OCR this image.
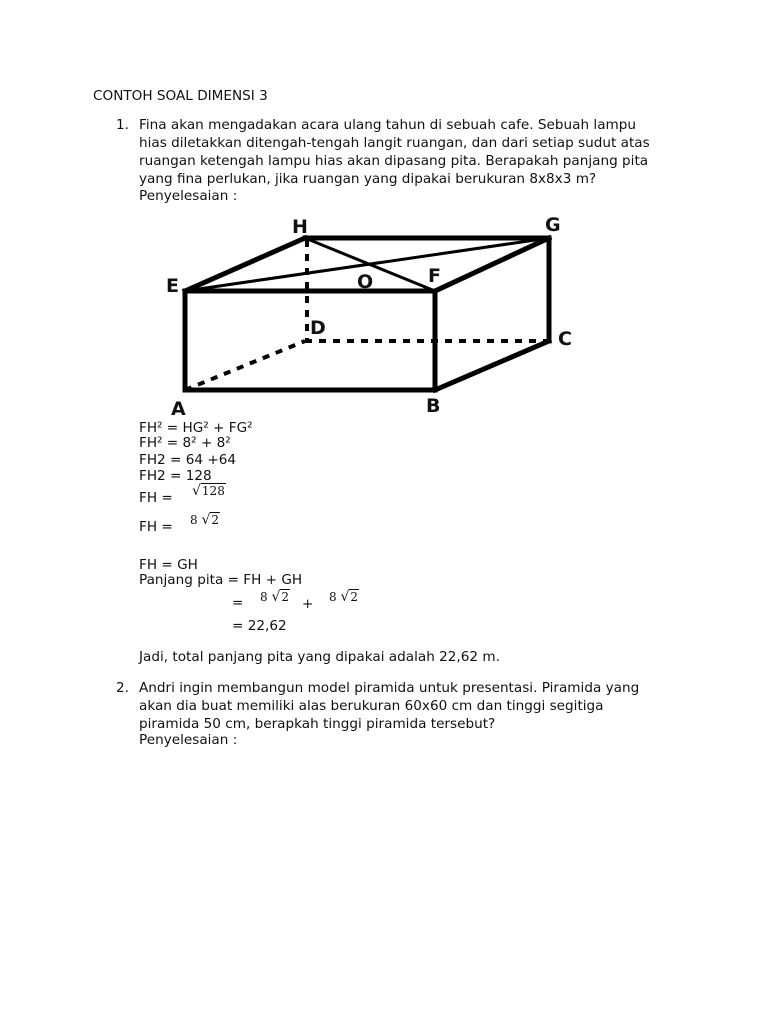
CONTOH SOAL DIMENSI 3
1. Fina akan mengadakan acara ulang tahun di sebuah cafe. Sebuah lampu
hias diletakkan ditengah-tengah langit ruangan, dan dari setiap sudut atas
ruangan ketengah lampu hias akan dipasang pita. Berapakah panjang pita
yang fina perlukan, jika ruangan yang dipakai berukuran 8x8x3 m?
Penyelesaian :
H	G
E	F
O
D	C
A	B
FH² = HG² + FG²
FH² = 8² + 8²
FH2 = 64 +64
FH2 = 128
FH = √128
FH = 8 √2
FH = GH
Panjang pita = FH + GH
= 8 √2 + 8 √2
= 22,62
Jadi, total panjang pita yang dipakai adalah 22,62 m.
2. Andri ingin membangun model piramida untuk presentasi. Piramida yang
akan dia buat memiliki alas berukuran 60x60 cm dan tinggi segitiga
piramida 50 cm, berapkah tinggi piramida tersebut?
Penyelesaian :
